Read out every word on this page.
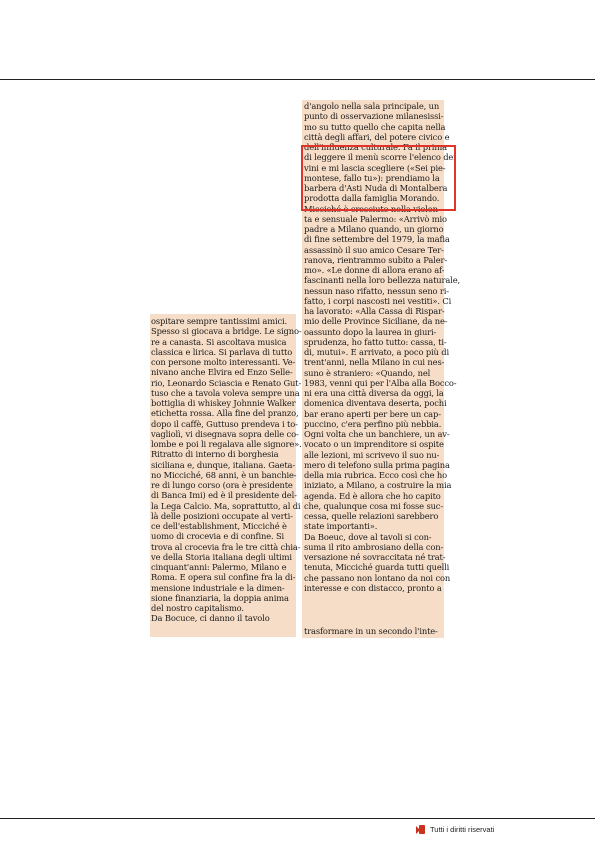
ospitare sempre tantissimi amici.
Spesso si giocava a bridge. Le signo-
re a canasta. Si ascoltava musica
classica e lirica. Si parlava di tutto
con persone molto interessanti. Ve-
nivano anche Elvira ed Enzo Selle-
rio, Leonardo Sciascia e Renato Gut-
tuso che a tavola voleva sempre una
bottiglia di whiskey Johnnie Walker
etichetta rossa. Alla fine del pranzo,
dopo il caffè, Guttuso prendeva i to-
vagliolì, vi disegnava sopra delle co-
lombe e poi li regalava alle signore».
Ritratto di interno di borghesia
siciliana e, dunque, italiana. Gaeta-
no Micciché, 68 anni, è un banchie-
re di lungo corso (ora è presidente
di Banca Imi) ed è il presidente del-
la Lega Calcio. Ma, soprattutto, al di
là delle posizioni occupate al verti-
ce dell'establishment, Micciché è
uomo di crocevia e di confine. Si
trova al crocevia fra le tre città chia-
ve della Storia italiana degli ultimi
cinquant'anni: Palermo, Milano e
Roma. E opera sul confine fra la di-
mensione industriale e la dimen-
sione finanziaria, la doppia anima
del nostro capitalismo.
Da Bocuce, ci danno il tavolo
d'angolo nella sala principale, un
punto di osservazione milanesissi-
mo su tutto quello che capita nella
città degli affari, del potere civico e
dell'influenza culturale. Fa il prima
di leggere il menù scorre l'elenco dei
vini e mi lascia scegliere («Sei pie-
montese, fallo tu»): prendiamo la
barbera d'Asti Nuda di Montalbera
prodotta dalla famiglia Morando.
Micciché è cresciuto nella violen-
ta e sensuale Palermo: «Arrivò mio
padre a Milano quando, un giorno
di fine settembre del 1979, la mafia
assassinò il suo amico Cesare Ter-
ranova, rientrammo subito a Paler-
mo». «Le donne di allora erano af-
fascinanti nella loro bellezza naturale,
nessun naso rifatto, nessun seno ri-
fatto, i corpi nascosti nei vestiti». Ci
ha lavorato: «Alla Cassa di Rispar-
mio delle Province Siciliane, da ne-
oassunto dopo la laurea in giuri-
sprudenza, ho fatto tutto: cassa, ti-
di, mutui». E arrivato, a poco più di
trent'anni, nella Milano in cui nes-
suno è straniero: «Quando, nel
1983, venni qui per l'Alba alla Bocco-
ni era una città diversa da oggi, la
domenica diventava deserta, pochi
bar erano aperti per bere un cap-
puccino, c'era perfino più nebbia.
Ogni volta che un banchiere, un av-
vocato o un imprenditore si ospite
alle lezioni, mi scrivevo il suo nu-
mero di telefono sulla prima pagina
della mia rubrica. Ecco così che ho
iniziato, a Milano, a costruire la mia
agenda. Ed è allora che ho capito
che, qualunque cosa mi fosse suc-
cessa, quelle relazioni sarebbero
state importanti».
Da Boeuc, dove al tavoli si con-
suma il rito ambrosiano della con-
versazione né sovraccitata né trat-
tenuta, Micciché guarda tutti quelli
che passano non lontano da noi con
interesse e con distacco, pronto a
trasformare in un secondo l'inte-
Tutti i diritti riservati
